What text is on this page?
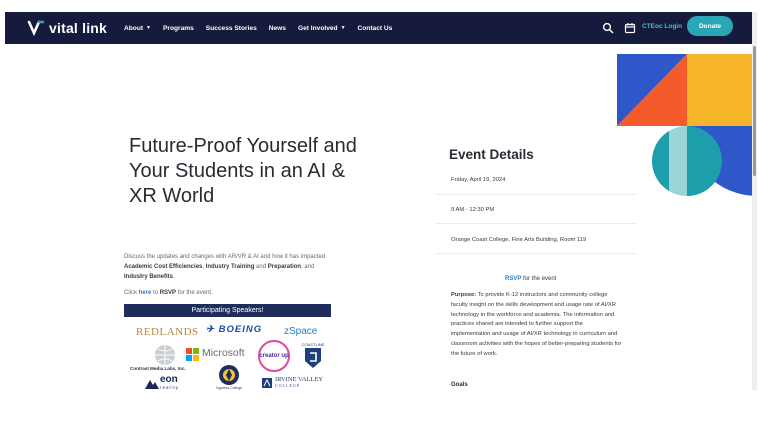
vital link	About ▼ Programs Success Stories News Get Involved ▼ Contact Us	CTEoc Login	Donate
Future-Proof Yourself and Your Students in an AI & XR World

Discuss the updates and changes with AR/VR & AI and how it has impacted Academic Cost Efficiencies, Industry Training and Preparation, and Industry Benefits.

Click here to RSVP for the event.

Participating Speakers!
REDLANDS ✈ BOEING zSpace
Microsoft creator up
COASTLINE
Contrast Media Labs, Inc.
eon
reality	Cypress College
IRVINE VALLEY
COLLEGE
Event Details
Friday, April 19, 2024
9 AM - 12:30 PM
Orange Coast College, Fine Arts Building, Room 119

RSVP for the event

Purpose: To provide K-12 instructors and community college faculty insight on the skills development and usage rate of AI/XR technology in the workforce and academia. The information and practices shared are intended to further support the implementation and usage of AI/XR technology in curriculum and classroom activities with the hopes of better-preparing students for the future of work.

Goals
